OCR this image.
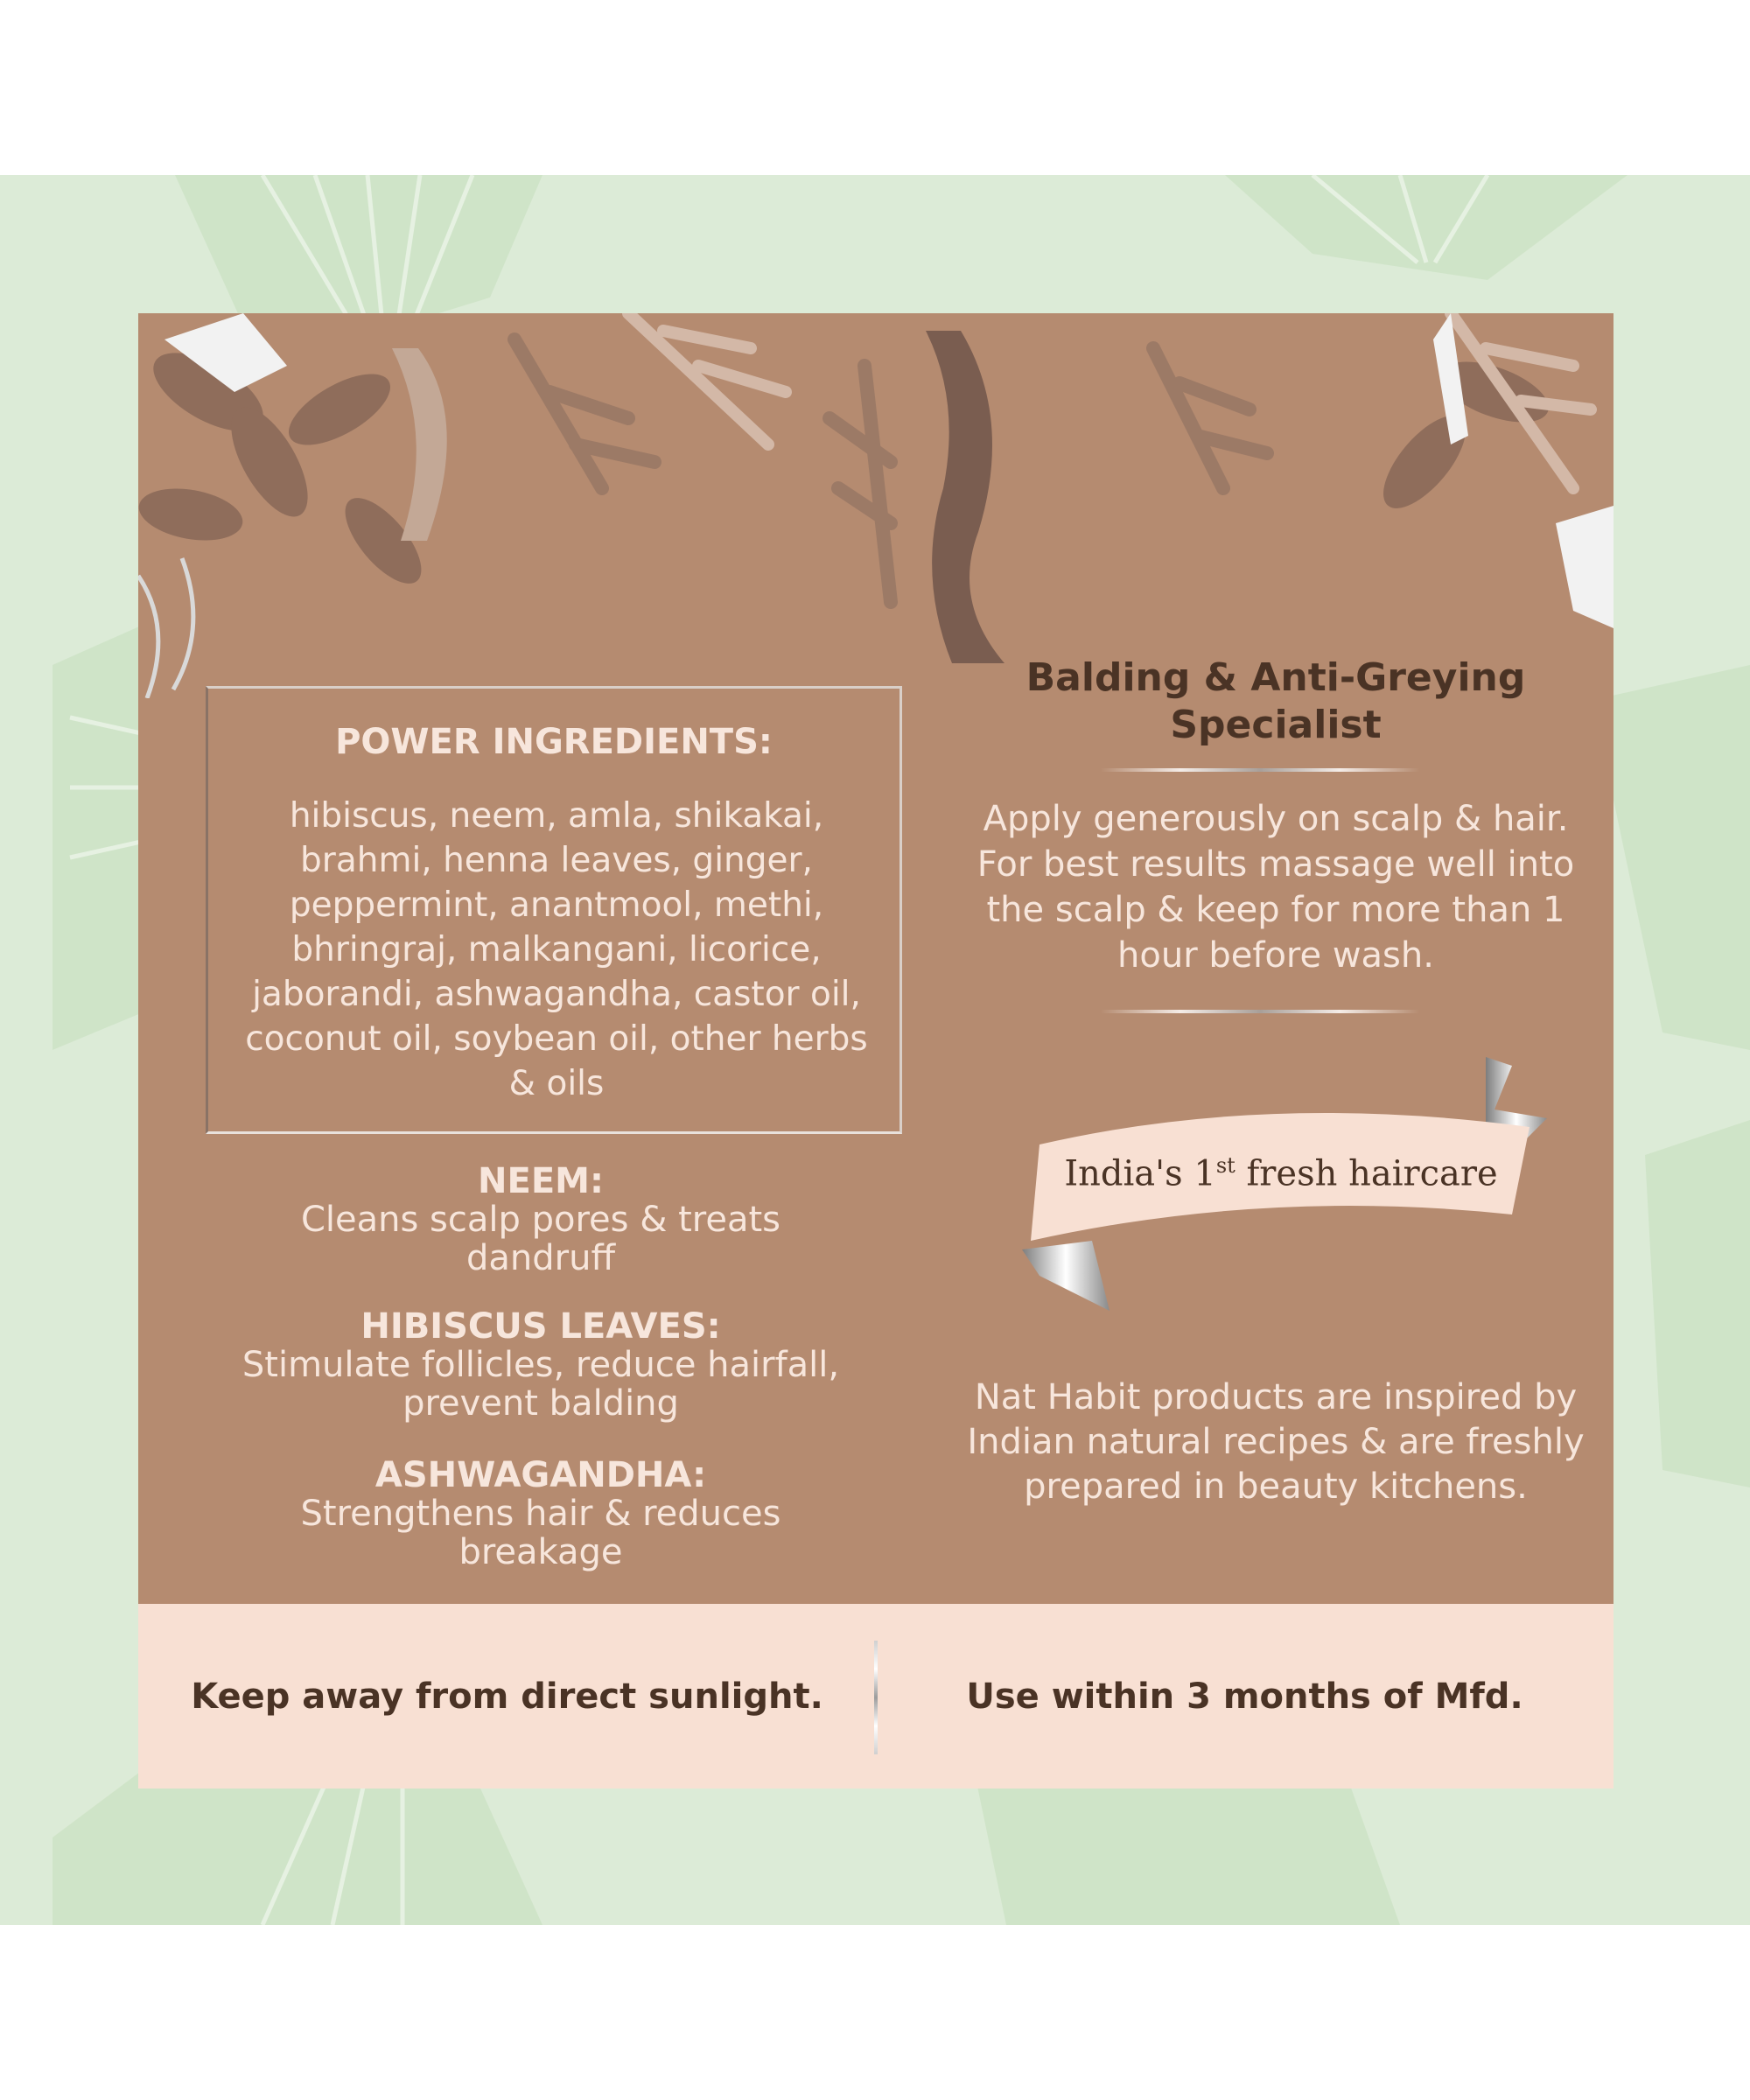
POWER INGREDIENTS:
hibiscus, neem, amla, shikakai, brahmi, henna leaves, ginger, peppermint, anantmool, methi, bhringraj, malkangani, licorice, jaborandi, ashwagandha, castor oil, coconut oil, soybean oil, other herbs & oils
NEEM:
Cleans scalp pores & treats dandruff
HIBISCUS LEAVES:
Stimulate follicles, reduce hairfall, prevent balding
ASHWAGANDHA:
Strengthens hair & reduces breakage
Balding & Anti-Greying Specialist
Apply generously on scalp & hair. For best results massage well into the scalp & keep for more than 1 hour before wash.
India's 1st fresh haircare
Nat Habit products are inspired by Indian natural recipes & are freshly prepared in beauty kitchens.
Keep away from direct sunlight.	Use within 3 months of Mfd.
